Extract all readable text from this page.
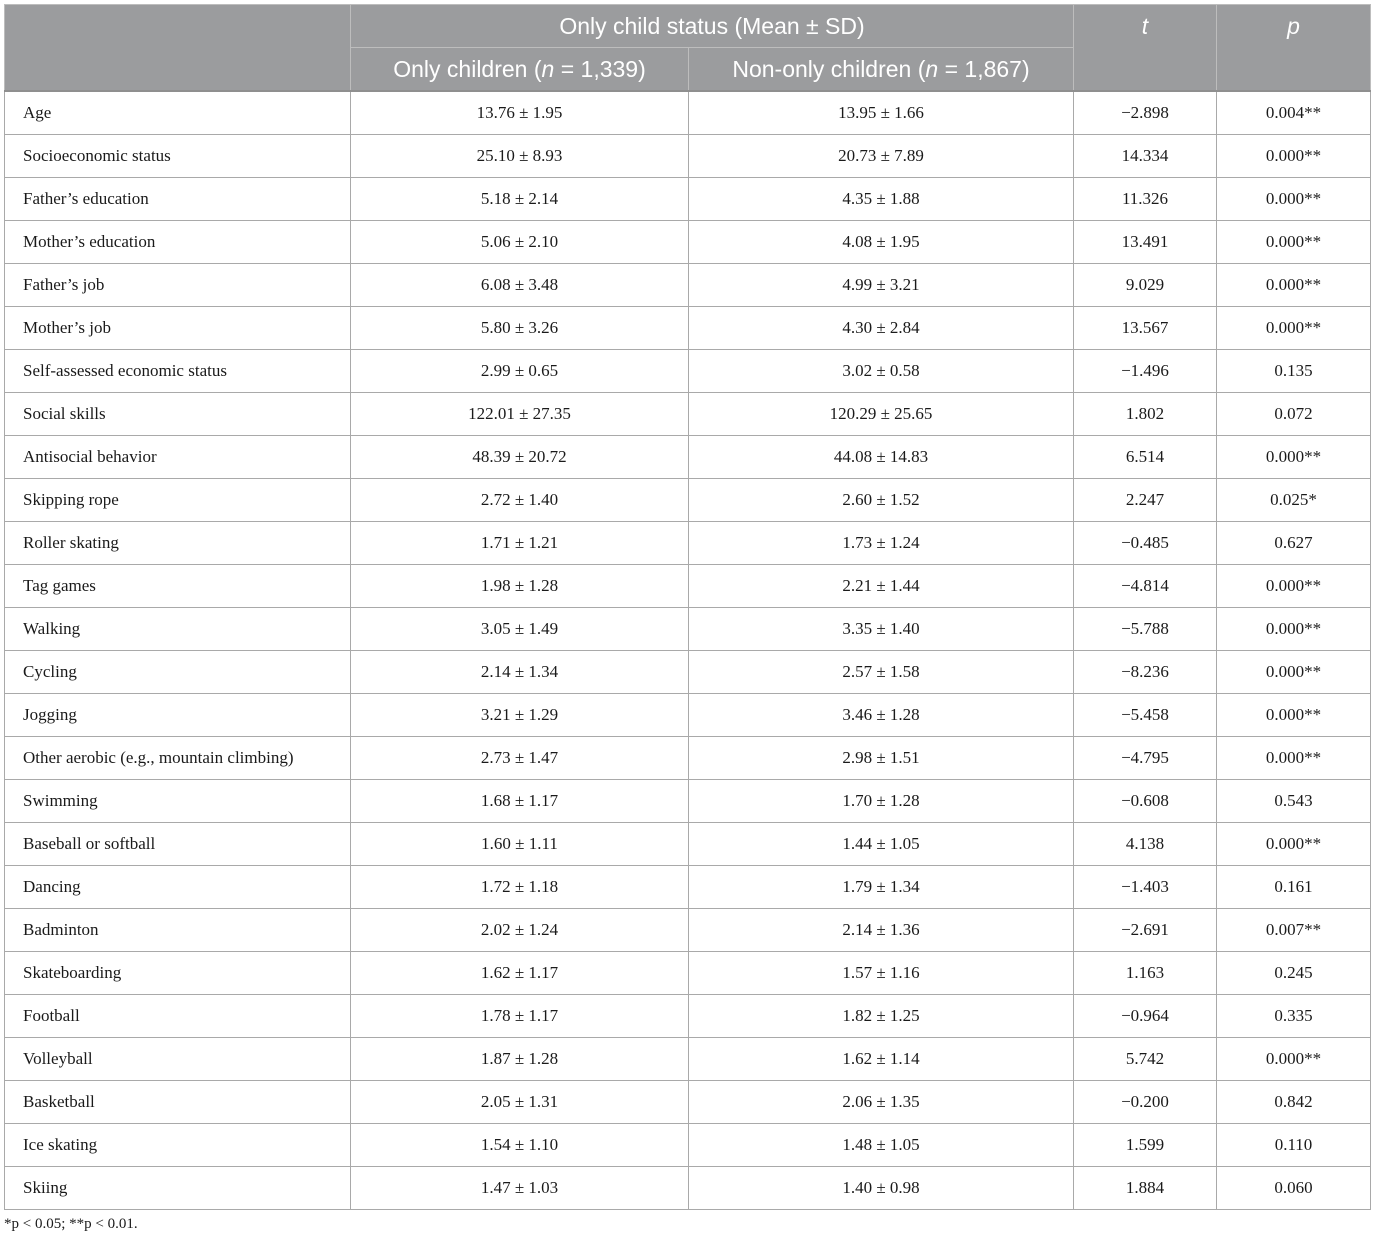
	Only child status (Mean ± SD)		t	p
	Only children (n = 1,339)	Non-only children (n = 1,867)		
Age	13.76 ± 1.95	13.95 ± 1.66	−2.898	0.004**
Socioeconomic status	25.10 ± 8.93	20.73 ± 7.89	14.334	0.000**
Father’s education	5.18 ± 2.14	4.35 ± 1.88	11.326	0.000**
Mother’s education	5.06 ± 2.10	4.08 ± 1.95	13.491	0.000**
Father’s job	6.08 ± 3.48	4.99 ± 3.21	9.029	0.000**
Mother’s job	5.80 ± 3.26	4.30 ± 2.84	13.567	0.000**
Self-assessed economic status	2.99 ± 0.65	3.02 ± 0.58	−1.496	0.135
Social skills	122.01 ± 27.35	120.29 ± 25.65	1.802	0.072
Antisocial behavior	48.39 ± 20.72	44.08 ± 14.83	6.514	0.000**
Skipping rope	2.72 ± 1.40	2.60 ± 1.52	2.247	0.025*
Roller skating	1.71 ± 1.21	1.73 ± 1.24	−0.485	0.627
Tag games	1.98 ± 1.28	2.21 ± 1.44	−4.814	0.000**
Walking	3.05 ± 1.49	3.35 ± 1.40	−5.788	0.000**
Cycling	2.14 ± 1.34	2.57 ± 1.58	−8.236	0.000**
Jogging	3.21 ± 1.29	3.46 ± 1.28	−5.458	0.000**
Other aerobic (e.g., mountain climbing)	2.73 ± 1.47	2.98 ± 1.51	−4.795	0.000**
Swimming	1.68 ± 1.17	1.70 ± 1.28	−0.608	0.543
Baseball or softball	1.60 ± 1.11	1.44 ± 1.05	4.138	0.000**
Dancing	1.72 ± 1.18	1.79 ± 1.34	−1.403	0.161
Badminton	2.02 ± 1.24	2.14 ± 1.36	−2.691	0.007**
Skateboarding	1.62 ± 1.17	1.57 ± 1.16	1.163	0.245
Football	1.78 ± 1.17	1.82 ± 1.25	−0.964	0.335
Volleyball	1.87 ± 1.28	1.62 ± 1.14	5.742	0.000**
Basketball	2.05 ± 1.31	2.06 ± 1.35	−0.200	0.842
Ice skating	1.54 ± 1.10	1.48 ± 1.05	1.599	0.110
Skiing	1.47 ± 1.03	1.40 ± 0.98	1.884	0.060
*p < 0.05; **p < 0.01.
